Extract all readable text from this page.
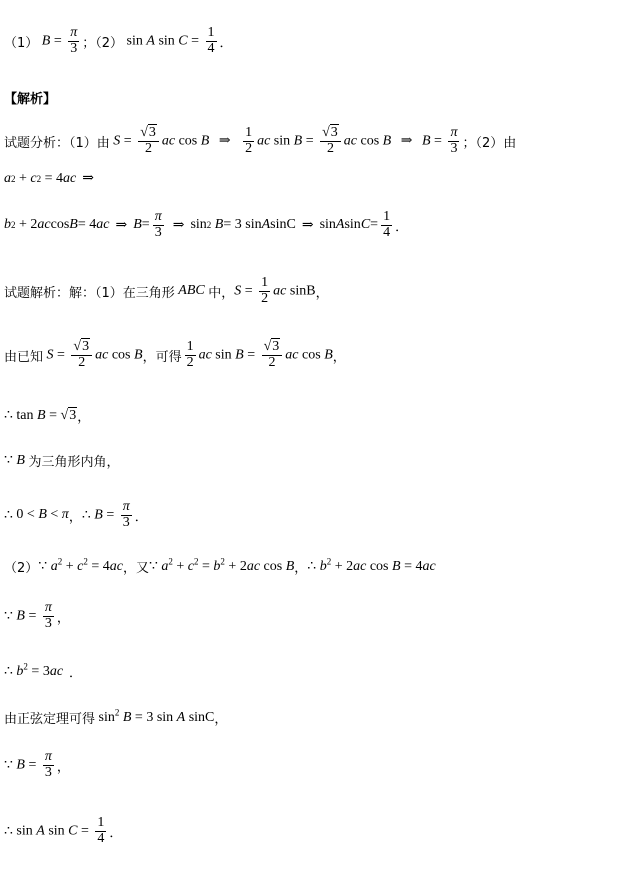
（1） $B = \frac{\pi}{3}$ ；（2） sin A $\sin C = \frac{1}{4}$ ．
【解析】
试题分析：（1）由 $S = \frac{√3}{2}$ ac cos B ⇒ $\frac{1}{2}$ ac $\sin B = \frac{√3}{2}$ ac cos B ⇒ $B = \frac{\pi}{3}$ ；（2）由
a 2 + c 2 = 4 ac ⇒
b 2 + 2 ac cos B = 4 ac ⇒ B =
π
3 ⇒ sin 2
B = 3 sin A sinC ⇒ sin A sin C =
1
4 ．
试题解析：解：（1）在三角形 ABC 中， $S = \frac{1}{2}$ ac sinB ，
由已知 $S = \frac{√3}{2}$ ac cos B ，可得 $\frac{1}{2}$ ac $\sin B = \frac{√3}{2}$ ac cos B ，
∴ tan B = √3 ，
∵ B 为三角形内角，
∴ 0 < B < π ， ∴ $B = \frac{\pi}{3}$ ．
（2） ∵ $a^2 + c^2 = 4ac$ ，又 ∵ $a^2 + c^2 = b^2 + 2ac$ cos B ， ∴ $b^2 + 2ac$ cos B = 4ac
∵ $B = \frac{\pi}{3}$ ，
∴ $b^2 = 3ac$ ．
由正弦定理可得 $\sin^2 B = 3$ sin A sinC ，
∵ $B = \frac{\pi}{3}$ ，
∴ sin A $\sin C = \frac{1}{4}$ ．
